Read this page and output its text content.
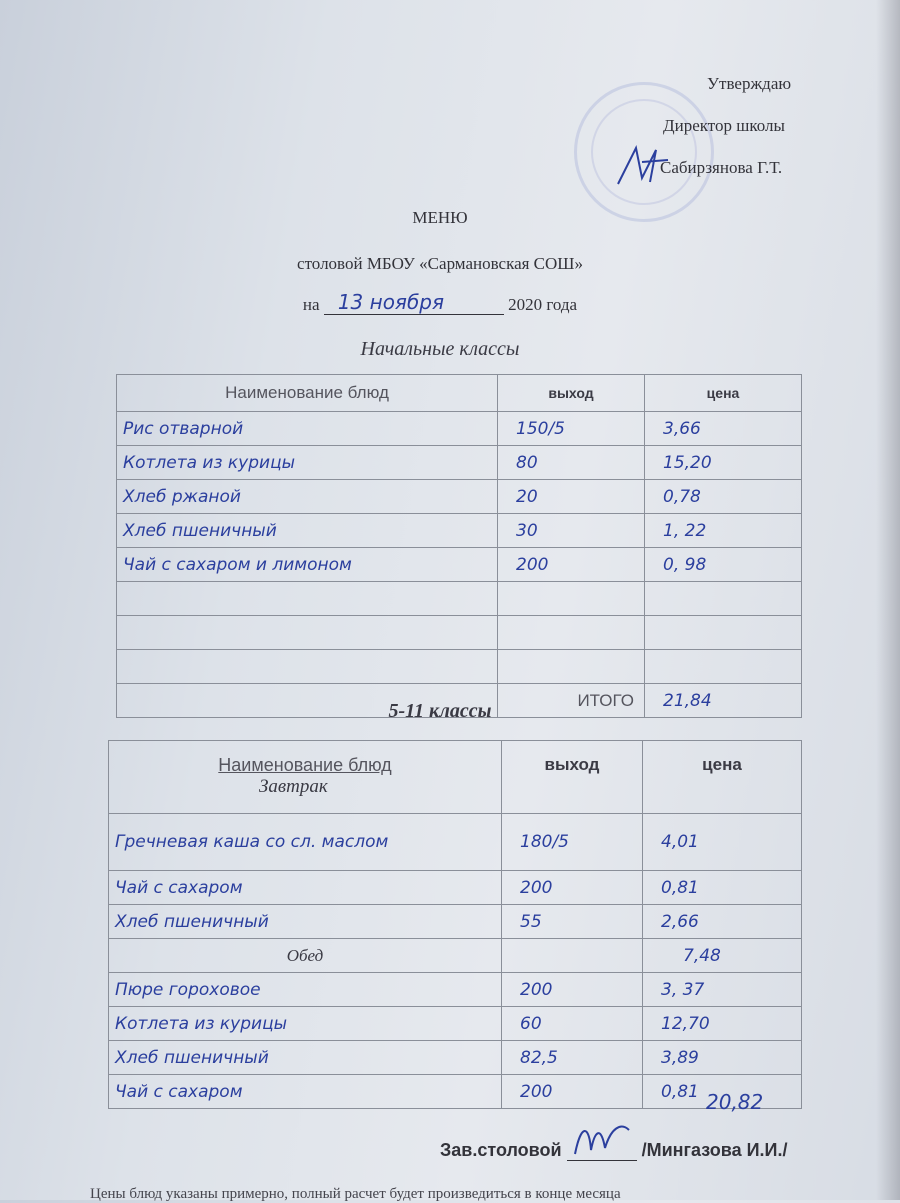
Утверждаю
Директор школы
Сабирзянова Г.Т.
МЕНЮ
столовой МБОУ «Сармановская СОШ»
на 13 ноября	2020 года
Начальные классы
Наименование блюд	выход	цена
Рис отварной	150/5	3,66
Котлета из курицы	80	15,20
Хлеб ржаной	20	0,78
Хлеб пшеничный	30	1, 22
Чай с сахаром и лимоном	200	0, 98

	ИТОГО	21,84
5-11 классы
Наименование блюд
Завтрак	выход	цена
Гречневая каша со сл. маслом	180/5	4,01
Чай с сахаром	200	0,81
Хлеб пшеничный	55	2,66
Обед		7,48
Пюре гороховое	200	3, 37
Котлета из курицы	60	12,70
Хлеб пшеничный	82,5	3,89
Чай с сахаром	200	0,81 20,82
Зав.столовой	/Мингазова И.И./
Цены блюд указаны примерно, полный расчет будет произведиться в конце месяца
